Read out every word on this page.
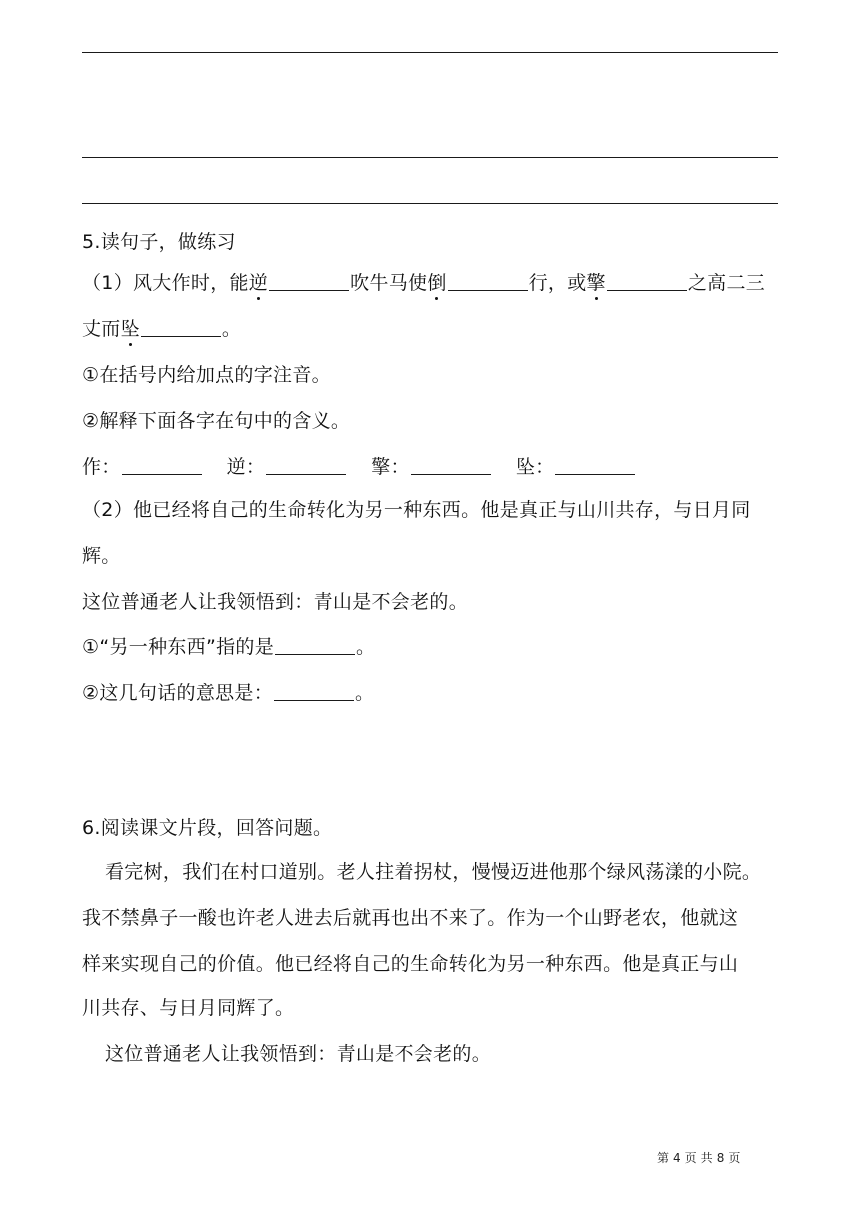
5.读句子，做练习
（1）风大作时，能逆	吹牛马使倒	行，或擎	之高二三
丈而坠	。
①在括号内给加点的字注音。
②解释下面各字在句中的含义。
作：	逆：	擎：	坠：
（2）他已经将自己的生命转化为另一种东西。他是真正与山川共存，与日月同
辉。
这位普通老人让我领悟到：青山是不会老的。
①“另一种东西”指的是	。
②这几句话的意思是：	。
6.阅读课文片段，回答问题。
看完树，我们在村口道别。老人拄着拐杖，慢慢迈进他那个绿风荡漾的小院。
我不禁鼻子一酸也许老人进去后就再也出不来了。作为一个山野老农，他就这
样来实现自己的价值。他已经将自己的生命转化为另一种东西。他是真正与山
川共存、与日月同辉了。
这位普通老人让我领悟到：青山是不会老的。
第 4 页 共 8 页
